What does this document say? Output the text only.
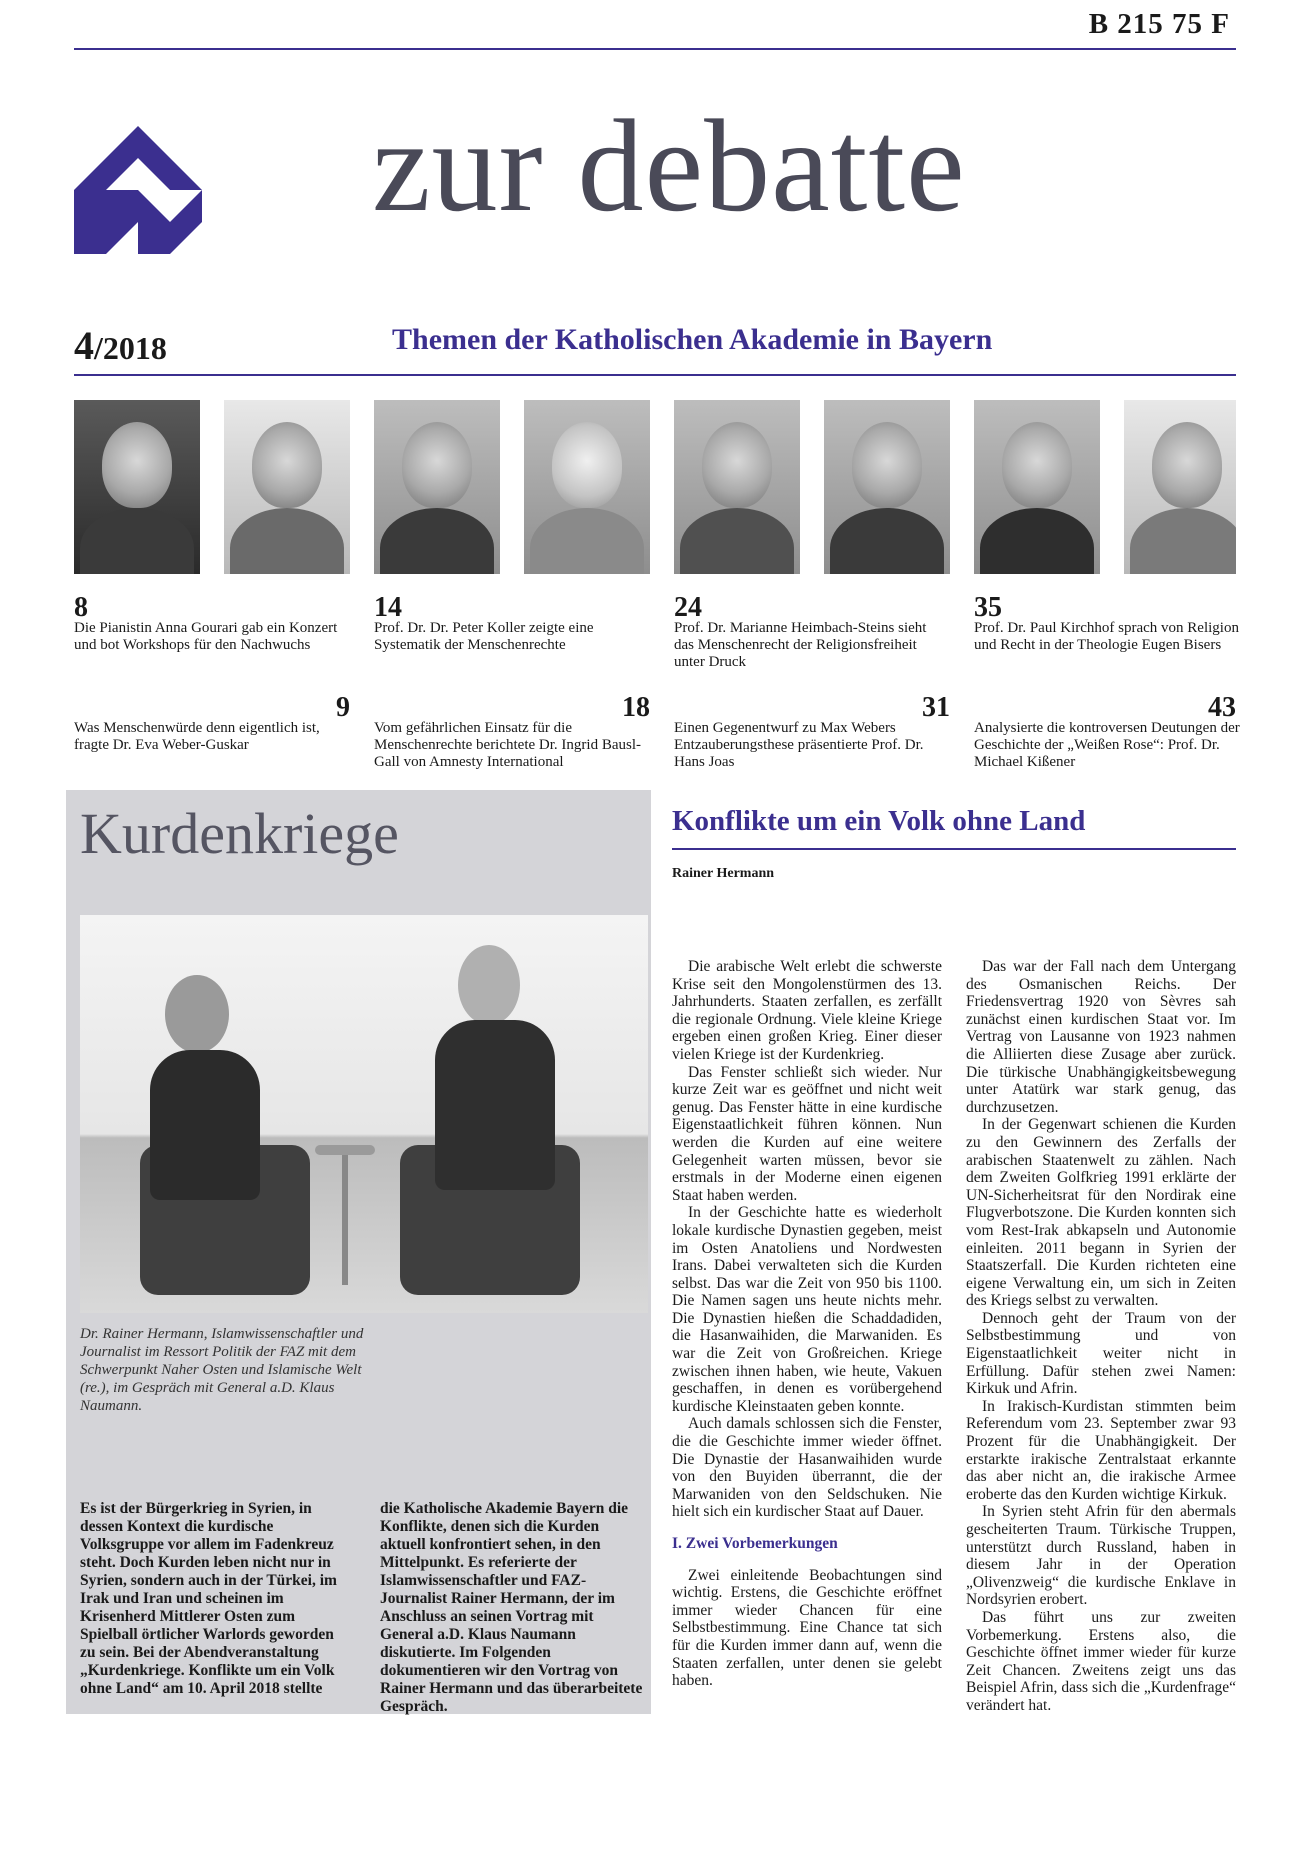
B 215 75 F
zur debatte
4/2018	Themen der Katholischen Akademie in Bayern
8
Die Pianistin Anna Gourari gab ein Konzert und bot Workshops für den Nachwuchs
14
Prof. Dr. Dr. Peter Koller zeigte eine Systematik der Menschenrechte
24
Prof. Dr. Marianne Heimbach-Steins sieht das Menschenrecht der Religionsfreiheit unter Druck
35
Prof. Dr. Paul Kirchhof sprach von Religion und Recht in der Theologie Eugen Bisers
9
Was Menschenwürde denn eigentlich ist, fragte Dr. Eva Weber-Guskar
18
Vom gefährlichen Einsatz für die Menschenrechte berichtete Dr. Ingrid Bausl-Gall von Amnesty International
31
Einen Gegenentwurf zu Max Webers Entzauberungsthese präsentierte Prof. Dr. Hans Joas
43
Analysierte die kontroversen Deutungen der Geschichte der „Weißen Rose“: Prof. Dr. Michael Kißener
Kurdenkriege
Dr. Rainer Hermann, Islamwissenschaftler und Journalist im Ressort Politik der FAZ mit dem Schwerpunkt Naher Osten und Islamische Welt (re.), im Gespräch mit General a.D. Klaus Naumann.
Es ist der Bürgerkrieg in Syrien, in dessen Kontext die kurdische Volksgruppe vor allem im Fadenkreuz steht. Doch Kurden leben nicht nur in Syrien, sondern auch in der Türkei, im Irak und Iran und scheinen im Krisenherd Mittlerer Osten zum Spielball örtlicher Warlords geworden zu sein. Bei der Abendveranstaltung „Kurdenkriege. Konflikte um ein Volk ohne Land“ am 10. April 2018 stellte
die Katholische Akademie Bayern die Konflikte, denen sich die Kurden aktuell konfrontiert sehen, in den Mittelpunkt. Es referierte der Islamwissenschaftler und FAZ-Journalist Rainer Hermann, der im Anschluss an seinen Vortrag mit General a.D. Klaus Naumann diskutierte. Im Folgenden dokumentieren wir den Vortrag von Rainer Hermann und das überarbeitete Gespräch.
Konflikte um ein Volk ohne Land
Rainer Hermann

Die arabische Welt erlebt die schwerste Krise seit den Mongolenstürmen des 13. Jahrhunderts. Staaten zerfallen, es zerfällt die regionale Ordnung. Viele kleine Kriege ergeben einen großen Krieg. Einer dieser vielen Kriege ist der Kurdenkrieg.

Das Fenster schließt sich wieder. Nur kurze Zeit war es geöffnet und nicht weit genug. Das Fenster hätte in eine kurdische Eigenstaatlichkeit führen können. Nun werden die Kurden auf eine weitere Gelegenheit warten müssen, bevor sie erstmals in der Moderne einen eigenen Staat haben werden.

In der Geschichte hatte es wiederholt lokale kurdische Dynastien gegeben, meist im Osten Anatoliens und Nordwesten Irans. Dabei verwalteten sich die Kurden selbst. Das war die Zeit von 950 bis 1100. Die Namen sagen uns heute nichts mehr. Die Dynastien hießen die Schaddadiden, die Hasanwaihiden, die Marwaniden. Es war die Zeit von Großreichen. Kriege zwischen ihnen haben, wie heute, Vakuen geschaffen, in denen es vorübergehend kurdische Kleinstaaten geben konnte.

Auch damals schlossen sich die Fenster, die die Geschichte immer wieder öffnet. Die Dynastie der Hasanwaihiden wurde von den Buyiden überrannt, die der Marwaniden von den Seldschuken. Nie hielt sich ein kurdischer Staat auf Dauer.

I. Zwei Vorbemerkungen

Zwei einleitende Beobachtungen sind wichtig. Erstens, die Geschichte eröffnet immer wieder Chancen für eine Selbstbestimmung. Eine Chance tat sich für die Kurden immer dann auf, wenn die Staaten zerfallen, unter denen sie gelebt haben.

Das war der Fall nach dem Untergang des Osmanischen Reichs. Der Friedensvertrag 1920 von Sèvres sah zunächst einen kurdischen Staat vor. Im Vertrag von Lausanne von 1923 nahmen die Alliierten diese Zusage aber zurück. Die türkische Unabhängigkeitsbewegung unter Atatürk war stark genug, das durchzusetzen.

In der Gegenwart schienen die Kurden zu den Gewinnern des Zerfalls der arabischen Staatenwelt zu zählen. Nach dem Zweiten Golfkrieg 1991 erklärte der UN-Sicherheitsrat für den Nordirak eine Flugverbotszone. Die Kurden konnten sich vom Rest-Irak abkapseln und Autonomie einleiten. 2011 begann in Syrien der Staatszerfall. Die Kurden richteten eine eigene Verwaltung ein, um sich in Zeiten des Kriegs selbst zu verwalten.

Dennoch geht der Traum von der Selbstbestimmung und von Eigenstaatlichkeit weiter nicht in Erfüllung. Dafür stehen zwei Namen: Kirkuk und Afrin.

In Irakisch-Kurdistan stimmten beim Referendum vom 23. September zwar 93 Prozent für die Unabhängigkeit. Der erstarkte irakische Zentralstaat erkannte das aber nicht an, die irakische Armee eroberte das den Kurden wichtige Kirkuk.

In Syrien steht Afrin für den abermals gescheiterten Traum. Türkische Truppen, unterstützt durch Russland, haben in diesem Jahr in der Operation „Olivenzweig“ die kurdische Enklave in Nordsyrien erobert.

Das führt uns zur zweiten Vorbemerkung. Erstens also, die Geschichte öffnet immer wieder für kurze Zeit Chancen. Zweitens zeigt uns das Beispiel Afrin, dass sich die „Kurdenfrage“ verändert hat.
